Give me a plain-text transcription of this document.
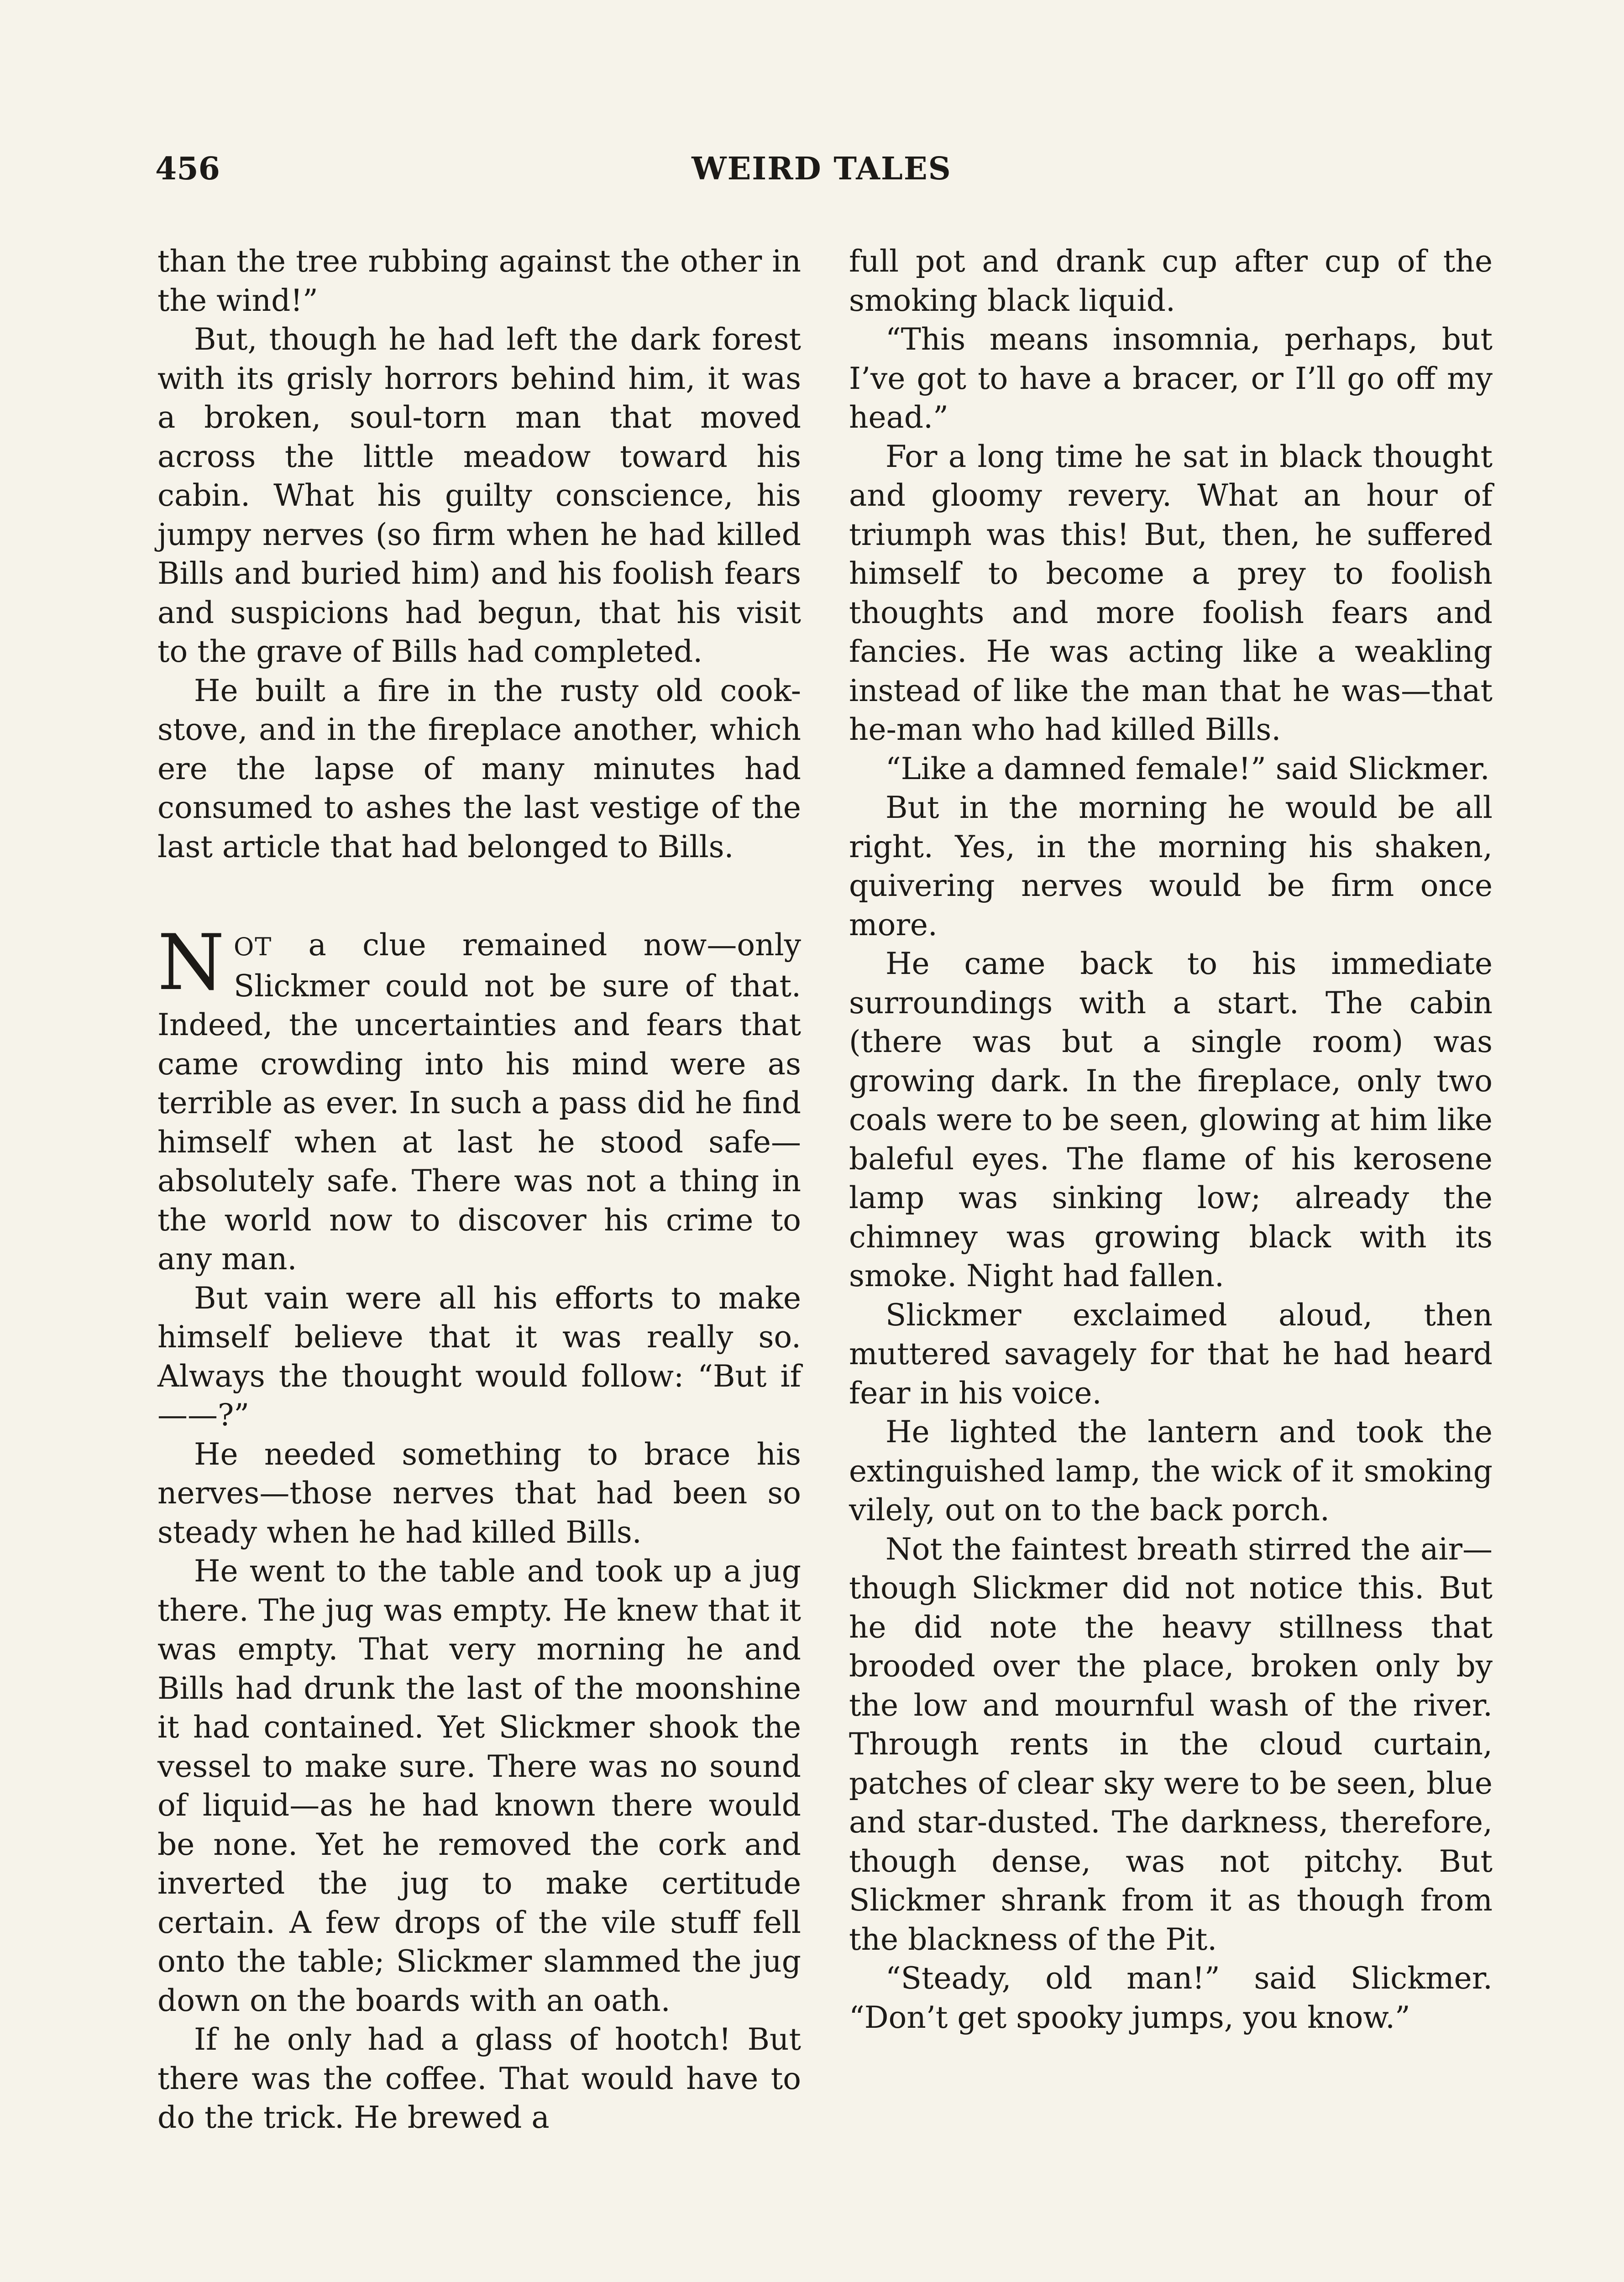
456	WEIRD TALES

than the tree rubbing against the other in the wind!”

But, though he had left the dark forest with its grisly horrors behind him, it was a broken, soul-torn man that moved across the little meadow toward his cabin. What his guilty conscience, his jumpy nerves (so firm when he had killed Bills and buried him) and his foolish fears and suspicions had begun, that his visit to the grave of Bills had completed.

He built a fire in the rusty old cook-stove, and in the fireplace another, which ere the lapse of many minutes had consumed to ashes the last vestige of the last article that had belonged to Bills.

NOT a clue remained now—only Slickmer could not be sure of that. Indeed, the uncertainties and fears that came crowding into his mind were as terrible as ever. In such a pass did he find himself when at last he stood safe—absolutely safe. There was not a thing in the world now to discover his crime to any man.

But vain were all his efforts to make himself believe that it was really so. Always the thought would follow: “But if——?”

He needed something to brace his nerves—those nerves that had been so steady when he had killed Bills.

He went to the table and took up a jug there. The jug was empty. He knew that it was empty. That very morning he and Bills had drunk the last of the moonshine it had contained. Yet Slickmer shook the vessel to make sure. There was no sound of liquid—as he had known there would be none. Yet he removed the cork and inverted the jug to make certitude certain. A few drops of the vile stuff fell onto the table; Slickmer slammed the jug down on the boards with an oath.

If he only had a glass of hootch! But there was the coffee. That would have to do the trick. He brewed a

full pot and drank cup after cup of the smoking black liquid.

“This means insomnia, perhaps, but I’ve got to have a bracer, or I’ll go off my head.”

For a long time he sat in black thought and gloomy revery. What an hour of triumph was this! But, then, he suffered himself to become a prey to foolish thoughts and more foolish fears and fancies. He was acting like a weakling instead of like the man that he was—that he-man who had killed Bills.

“Like a damned female!” said Slickmer.

But in the morning he would be all right. Yes, in the morning his shaken, quivering nerves would be firm once more.

He came back to his immediate surroundings with a start. The cabin (there was but a single room) was growing dark. In the fireplace, only two coals were to be seen, glowing at him like baleful eyes. The flame of his kerosene lamp was sinking low; already the chimney was growing black with its smoke. Night had fallen.

Slickmer exclaimed aloud, then muttered savagely for that he had heard fear in his voice.

He lighted the lantern and took the extinguished lamp, the wick of it smoking vilely, out on to the back porch.

Not the faintest breath stirred the air—though Slickmer did not notice this. But he did note the heavy stillness that brooded over the place, broken only by the low and mournful wash of the river. Through rents in the cloud curtain, patches of clear sky were to be seen, blue and star-dusted. The darkness, therefore, though dense, was not pitchy. But Slickmer shrank from it as though from the blackness of the Pit.

“Steady, old man!” said Slickmer. “Don’t get spooky jumps, you know.”
